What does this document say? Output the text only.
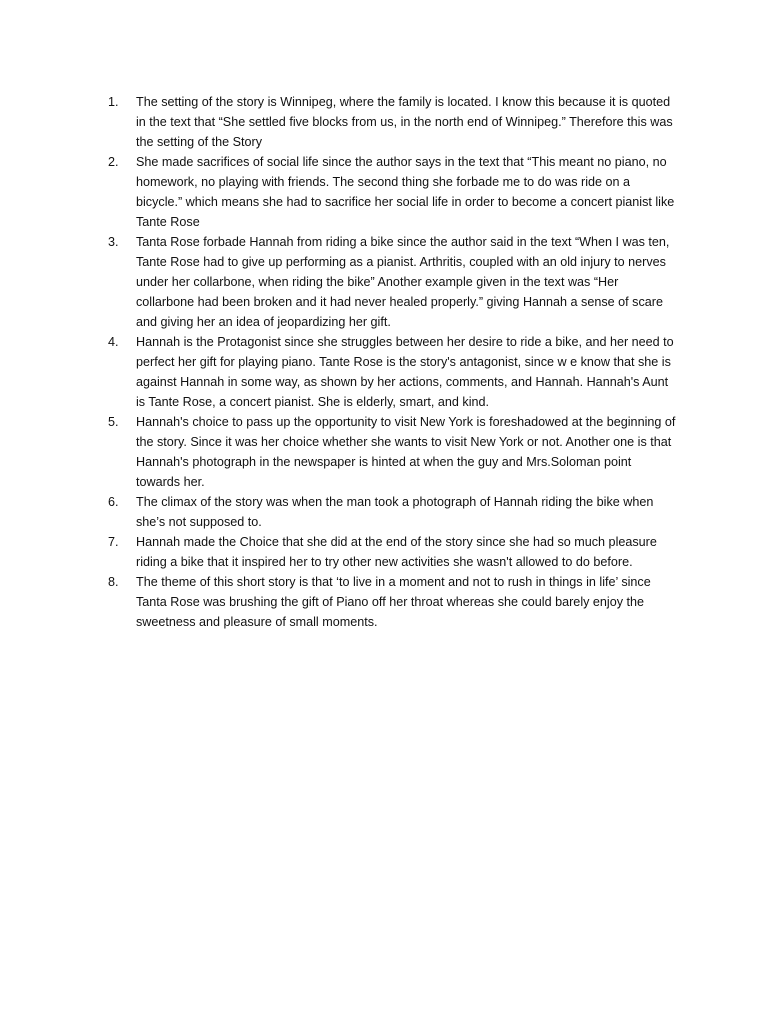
1.	The setting of the story is Winnipeg, where the family is located. I know this because it is quoted in the text that “She settled five blocks from us, in the north end of Winnipeg.” Therefore this was the setting of the Story

2.	She made sacrifices of social life since the author says in the text that “This meant no piano, no homework, no playing with friends. The second thing she forbade me to do was ride on a bicycle.” which means she had to sacrifice her social life in order to become a concert pianist like Tante Rose

3.	Tanta Rose forbade Hannah from riding a bike since the author said in the text “When I was ten, Tante Rose had to give up performing as a pianist. Arthritis, coupled with an old injury to nerves under her collarbone, when riding the bike” Another example given in the text was “Her collarbone had been broken and it had never healed properly.” giving Hannah a sense of scare and giving her an idea of jeopardizing her gift.

4.	Hannah is the Protagonist since she struggles between her desire to ride a bike, and her need to perfect her gift for playing piano. Tante Rose is the story's antagonist, since w e know that she is against Hannah in some way, as shown by her actions, comments, and Hannah. Hannah's Aunt is Tante Rose, a concert pianist. She is elderly, smart, and kind.

5.	Hannah's choice to pass up the opportunity to visit New York is foreshadowed at the beginning of the story. Since it was her choice whether she wants to visit New York or not. Another one is that Hannah's photograph in the newspaper is hinted at when the guy and Mrs.Soloman point towards her.

6.	The climax of the story was when the man took a photograph of Hannah riding the bike when she’s not supposed to.

7.	Hannah made the Choice that she did at the end of the story since she had so much pleasure riding a bike that it inspired her to try other new activities she wasn't allowed to do before.

8.	The theme of this short story is that ‘to live in a moment and not to rush in things in life’ since Tanta Rose was brushing the gift of Piano off her throat whereas she could barely enjoy the sweetness and pleasure of small moments.
